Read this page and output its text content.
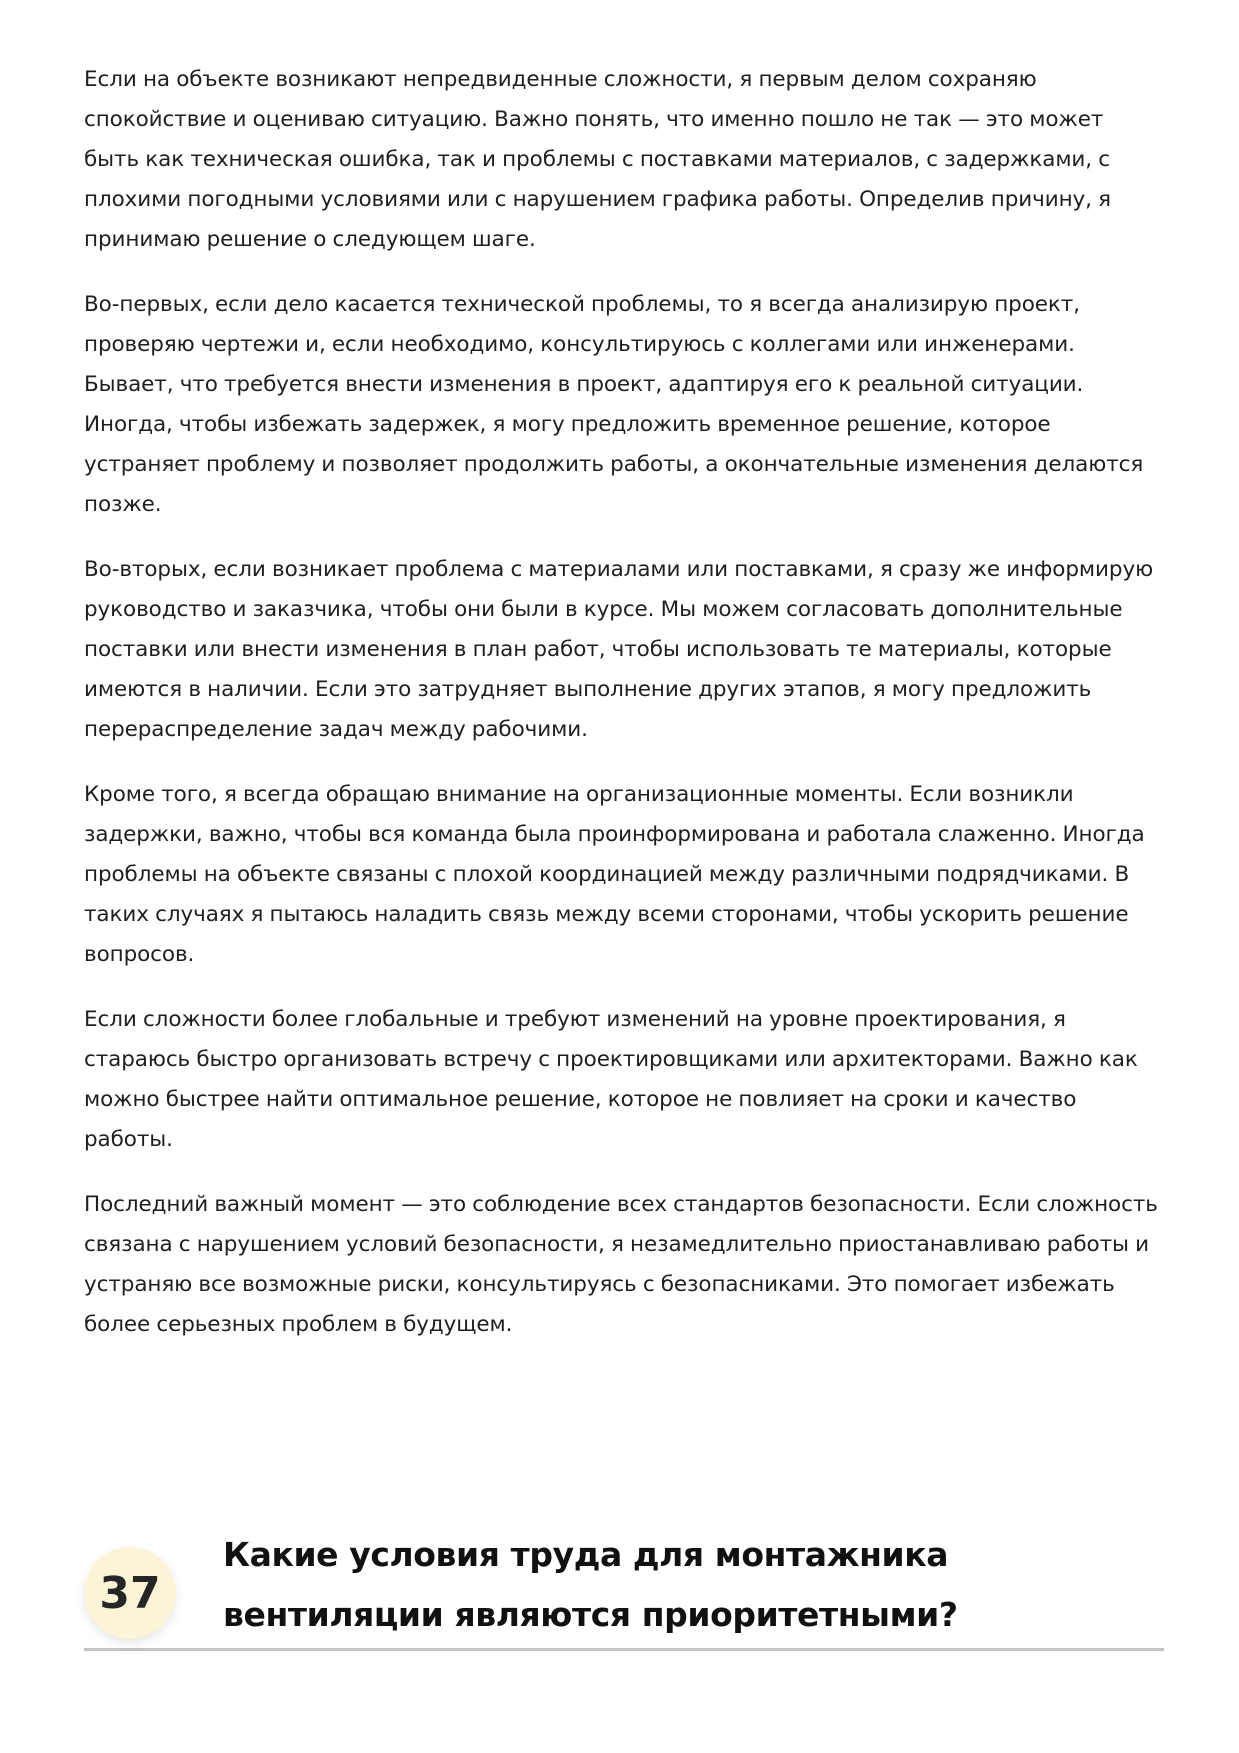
Если на объекте возникают непредвиденные сложности, я первым делом сохраняю спокойствие и оцениваю ситуацию. Важно понять, что именно пошло не так — это может быть как техническая ошибка, так и проблемы с поставками материалов, с задержками, с плохими погодными условиями или с нарушением графика работы. Определив причину, я принимаю решение о следующем шаге.

Во-первых, если дело касается технической проблемы, то я всегда анализирую проект, проверяю чертежи и, если необходимо, консультируюсь с коллегами или инженерами. Бывает, что требуется внести изменения в проект, адаптируя его к реальной ситуации. Иногда, чтобы избежать задержек, я могу предложить временное решение, которое устраняет проблему и позволяет продолжить работы, а окончательные изменения делаются позже.

Во-вторых, если возникает проблема с материалами или поставками, я сразу же информирую руководство и заказчика, чтобы они были в курсе. Мы можем согласовать дополнительные поставки или внести изменения в план работ, чтобы использовать те материалы, которые имеются в наличии. Если это затрудняет выполнение других этапов, я могу предложить перераспределение задач между рабочими.

Кроме того, я всегда обращаю внимание на организационные моменты. Если возникли задержки, важно, чтобы вся команда была проинформирована и работала слаженно. Иногда проблемы на объекте связаны с плохой координацией между различными подрядчиками. В таких случаях я пытаюсь наладить связь между всеми сторонами, чтобы ускорить решение вопросов.

Если сложности более глобальные и требуют изменений на уровне проектирования, я стараюсь быстро организовать встречу с проектировщиками или архитекторами. Важно как можно быстрее найти оптимальное решение, которое не повлияет на сроки и качество работы.

Последний важный момент — это соблюдение всех стандартов безопасности. Если сложность связана с нарушением условий безопасности, я незамедлительно приостанавливаю работы и устраняю все возможные риски, консультируясь с безопасниками. Это помогает избежать более серьезных проблем в будущем.

37
Какие условия труда для монтажника вентиляции являются приоритетными?
